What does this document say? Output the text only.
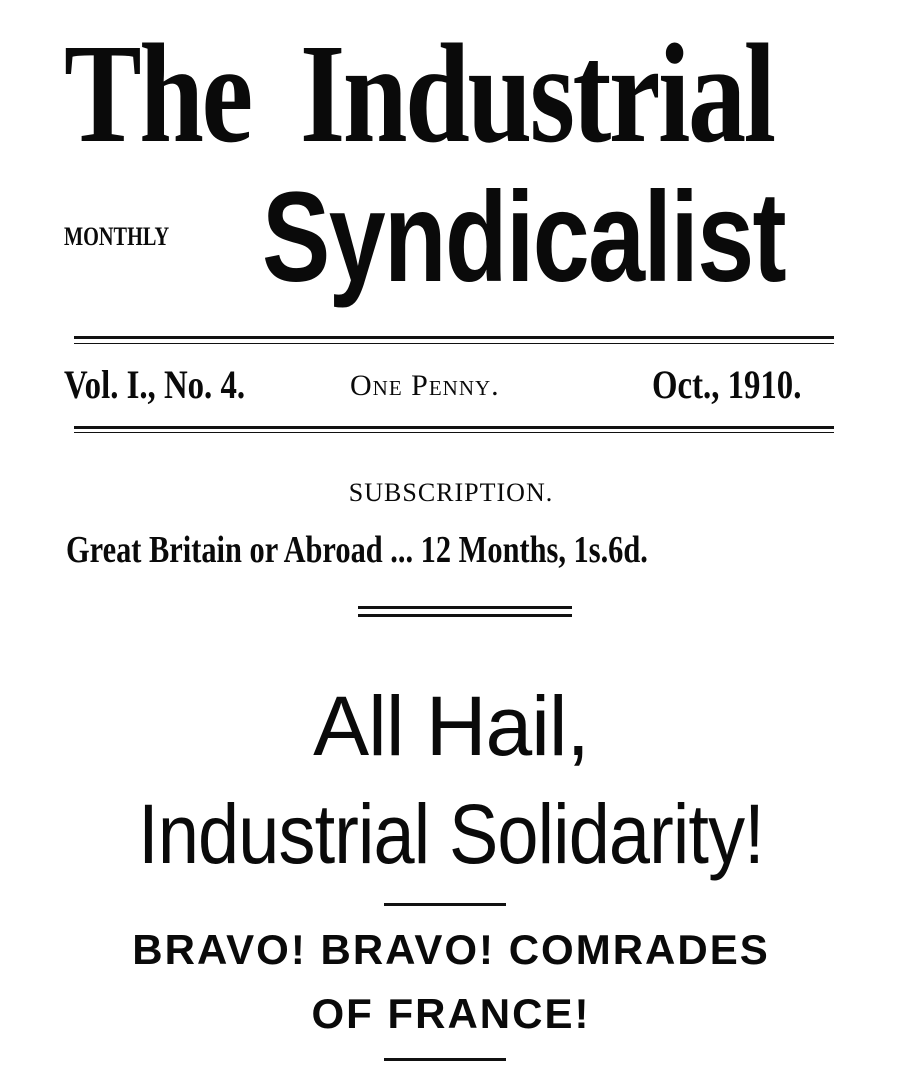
The Industrial
MONTHLY Syndicalist
Vol. I., No. 4.	One Penny.	Oct., 1910.
SUBSCRIPTION.
Great Britain or Abroad ... 12 Months, 1s.6d.
All Hail,
Industrial Solidarity!
BRAVO! BRAVO! COMRADES
OF FRANCE!
